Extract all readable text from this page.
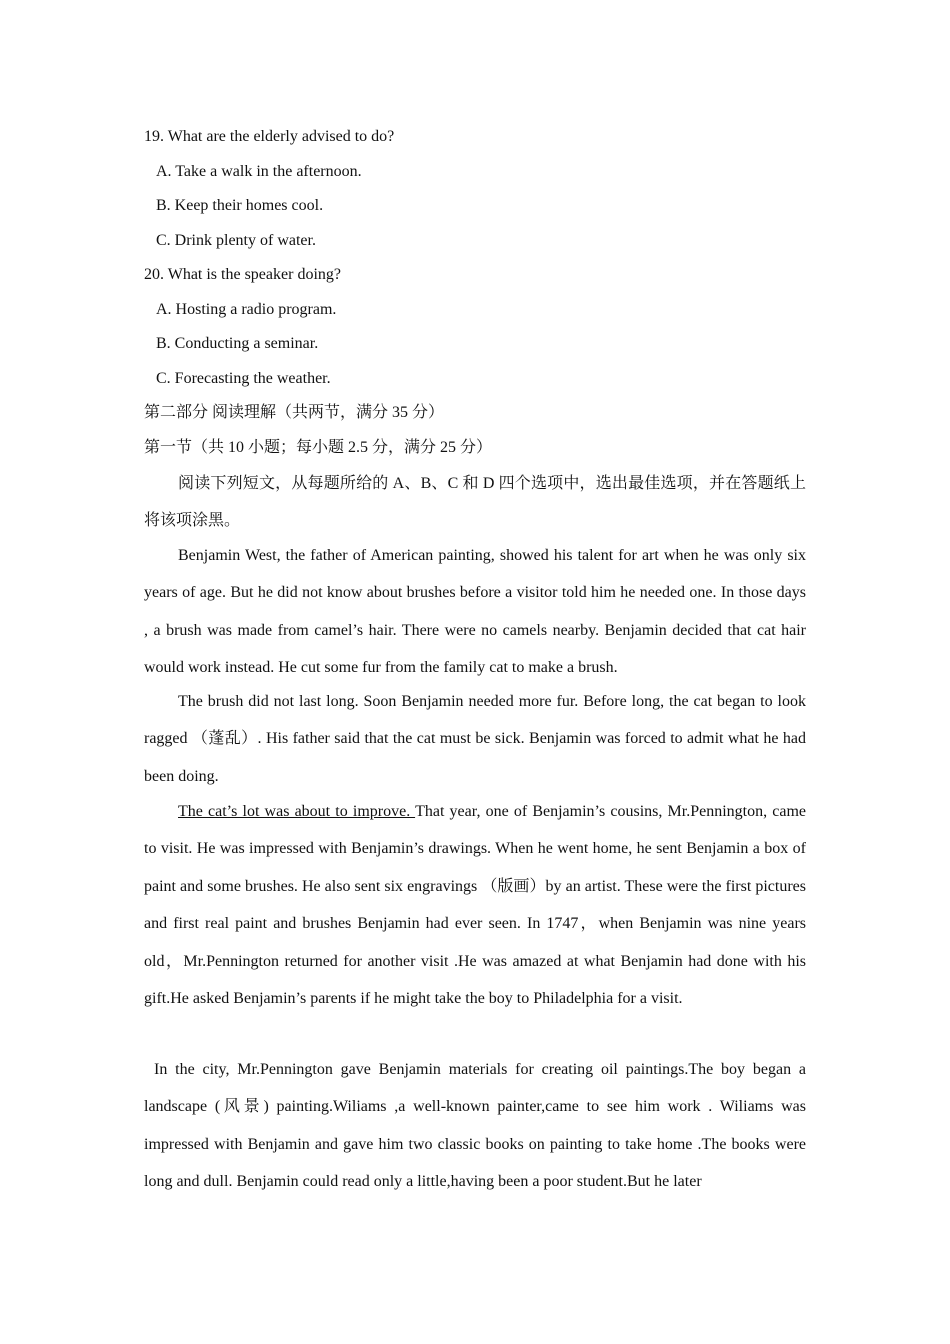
19. What are the elderly advised to do?
A. Take a walk in the afternoon.
B. Keep their homes cool.
C. Drink plenty of water.
20. What is the speaker doing?
A. Hosting a radio program.
B. Conducting a seminar.
C. Forecasting the weather.
第二部分 阅读理解（共两节，满分 35 分）
第一节（共 10 小题；每小题 2.5 分，满分 25 分）
阅读下列短文，从每题所给的 A、B、C 和 D 四个选项中，选出最佳选项，并在答题纸上将该项涂黑。
Benjamin West, the father of American painting, showed his talent for art when he was only six years of age. But he did not know about brushes before a visitor told him he needed one. In those days , a brush was made from camel’s hair. There were no camels nearby. Benjamin decided that cat hair would work instead. He cut some fur from the family cat to make a brush.
The brush did not last long. Soon Benjamin needed more fur. Before long, the cat began to look ragged （蓬乱）. His father said that the cat must be sick. Benjamin was forced to admit what he had been doing.
The cat’s lot was about to improve. That year, one of Benjamin’s cousins, Mr.Pennington, came to visit. He was impressed with Benjamin’s drawings. When he went home, he sent Benjamin a box of paint and some brushes. He also sent six engravings （版画）by an artist. These were the first pictures and first real paint and brushes Benjamin had ever seen. In 1747，when Benjamin was nine years old，Mr.Pennington returned for another visit .He was amazed at what Benjamin had done with his gift.He asked Benjamin’s parents if he might take the boy to Philadelphia for a visit.
In the city, Mr.Pennington gave Benjamin materials for creating oil paintings.The boy began a landscape (风景) painting.Wiliams ,a well-known painter,came to see him work . Wiliams was impressed with Benjamin and gave him two classic books on painting to take home .The books were long and dull. Benjamin could read only a little,having been a poor student.But he later
